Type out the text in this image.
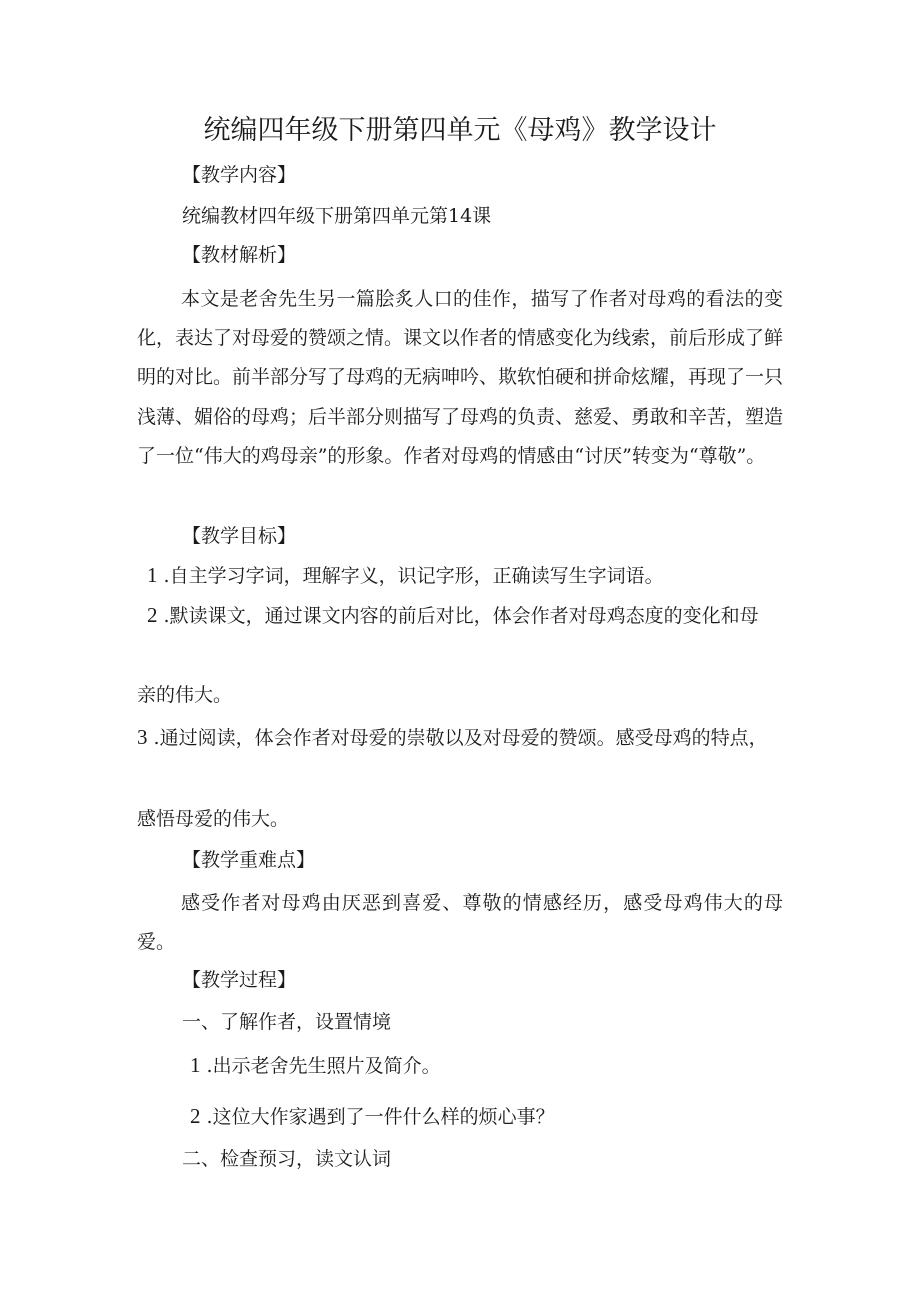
统编四年级下册第四单元《母鸡》教学设计
【教学内容】
统编教材四年级下册第四单元第14课
【教材解析】
本文是老舍先生另一篇脍炙人口的佳作，描写了作者对母鸡的看法的变化，表达了对母爱的赞颂之情。课文以作者的情感变化为线索，前后形成了鲜明的对比。前半部分写了母鸡的无病呻吟、欺软怕硬和拼命炫耀，再现了一只浅薄、媚俗的母鸡；后半部分则描写了母鸡的负责、慈爱、勇敢和辛苦，塑造了一位“伟大的鸡母亲”的形象。作者对母鸡的情感由“讨厌”转变为“尊敬”。
【教学目标】
1 .自主学习字词，理解字义，识记字形，正确读写生字词语。
2 .默读课文，通过课文内容的前后对比，体会作者对母鸡态度的变化和母
亲的伟大。
3 .通过阅读，体会作者对母爱的崇敬以及对母爱的赞颂。感受母鸡的特点，
感悟母爱的伟大。
【教学重难点】
感受作者对母鸡由厌恶到喜爱、尊敬的情感经历，感受母鸡伟大的母爱。
【教学过程】
一、了解作者，设置情境
1 .出示老舍先生照片及简介。
2 .这位大作家遇到了一件什么样的烦心事？
二、检查预习，读文认词
